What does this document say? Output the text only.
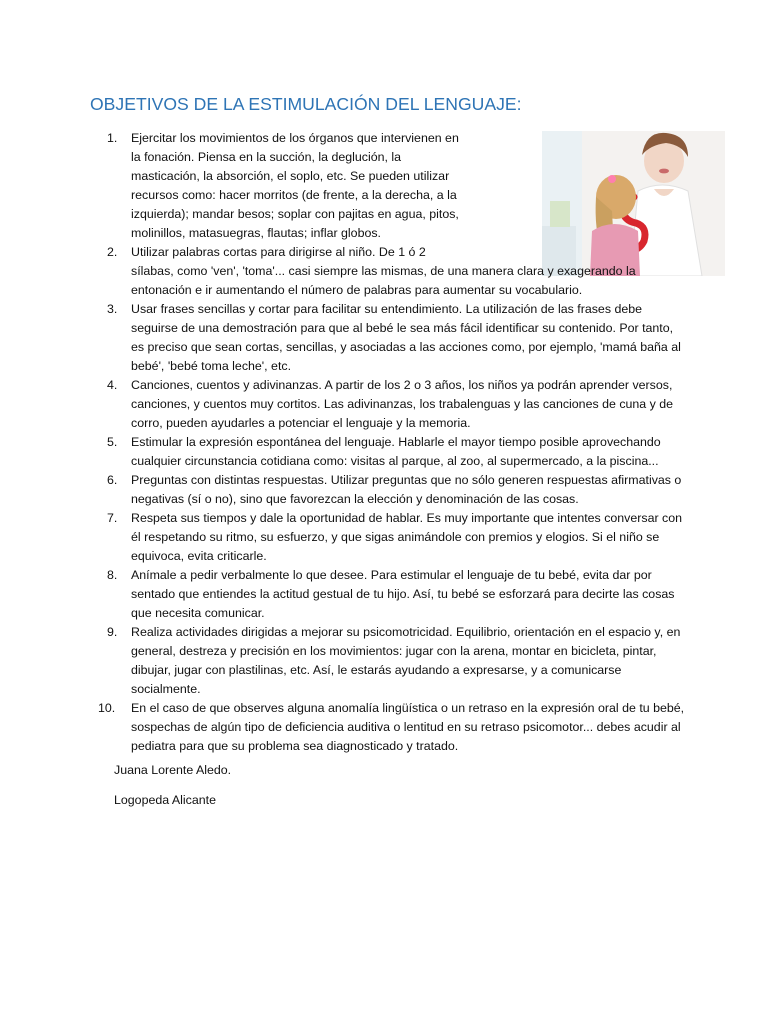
OBJETIVOS DE LA ESTIMULACIÓN DEL LENGUAJE:
1. Ejercitar los movimientos de los órganos que intervienen en la fonación. Piensa en la succión, la deglución, la masticación, la absorción, el soplo, etc. Se pueden utilizar recursos como: hacer morritos (de frente, a la derecha, a la izquierda); mandar besos; soplar con pajitas en agua, pitos, molinillos, matasuegras, flautas; inflar globos.
2. Utilizar palabras cortas para dirigirse al niño. De 1 ó 2 sílabas, como 'ven', 'toma'... casi siempre las mismas, de una manera clara y exagerando la entonación e ir aumentando el número de palabras para aumentar su vocabulario.
3. Usar frases sencillas y cortar para facilitar su entendimiento. La utilización de las frases debe seguirse de una demostración para que al bebé le sea más fácil identificar su contenido. Por tanto, es preciso que sean cortas, sencillas, y asociadas a las acciones como, por ejemplo, 'mamá baña al bebé', 'bebé toma leche', etc.
4. Canciones, cuentos y adivinanzas. A partir de los 2 o 3 años, los niños ya podrán aprender versos, canciones, y cuentos muy cortitos. Las adivinanzas, los trabalenguas y las canciones de cuna y de corro, pueden ayudarles a potenciar el lenguaje y la memoria.
5. Estimular la expresión espontánea del lenguaje. Hablarle el mayor tiempo posible aprovechando cualquier circunstancia cotidiana como: visitas al parque, al zoo, al supermercado, a la piscina...
6. Preguntas con distintas respuestas. Utilizar preguntas que no sólo generen respuestas afirmativas o negativas (sí o no), sino que favorezcan la elección y denominación de las cosas.
7. Respeta sus tiempos y dale la oportunidad de hablar. Es muy importante que intentes conversar con él respetando su ritmo, su esfuerzo, y que sigas animándole con premios y elogios. Si el niño se equivoca, evita criticarle.
8. Anímale a pedir verbalmente lo que desee. Para estimular el lenguaje de tu bebé, evita dar por sentado que entiendes la actitud gestual de tu hijo. Así, tu bebé se esforzará para decirte las cosas que necesita comunicar.
9. Realiza actividades dirigidas a mejorar su psicomotricidad. Equilibrio, orientación en el espacio y, en general, destreza y precisión en los movimientos: jugar con la arena, montar en bicicleta, pintar, dibujar, jugar con plastilinas, etc. Así, le estarás ayudando a expresarse, y a comunicarse socialmente.
10. En el caso de que observes alguna anomalía lingüística o un retraso en la expresión oral de tu bebé, sospechas de algún tipo de deficiencia auditiva o lentitud en su retraso psicomotor... debes acudir al pediatra para que su problema sea diagnosticado y tratado.

Juana Lorente Aledo.

Logopeda Alicante
